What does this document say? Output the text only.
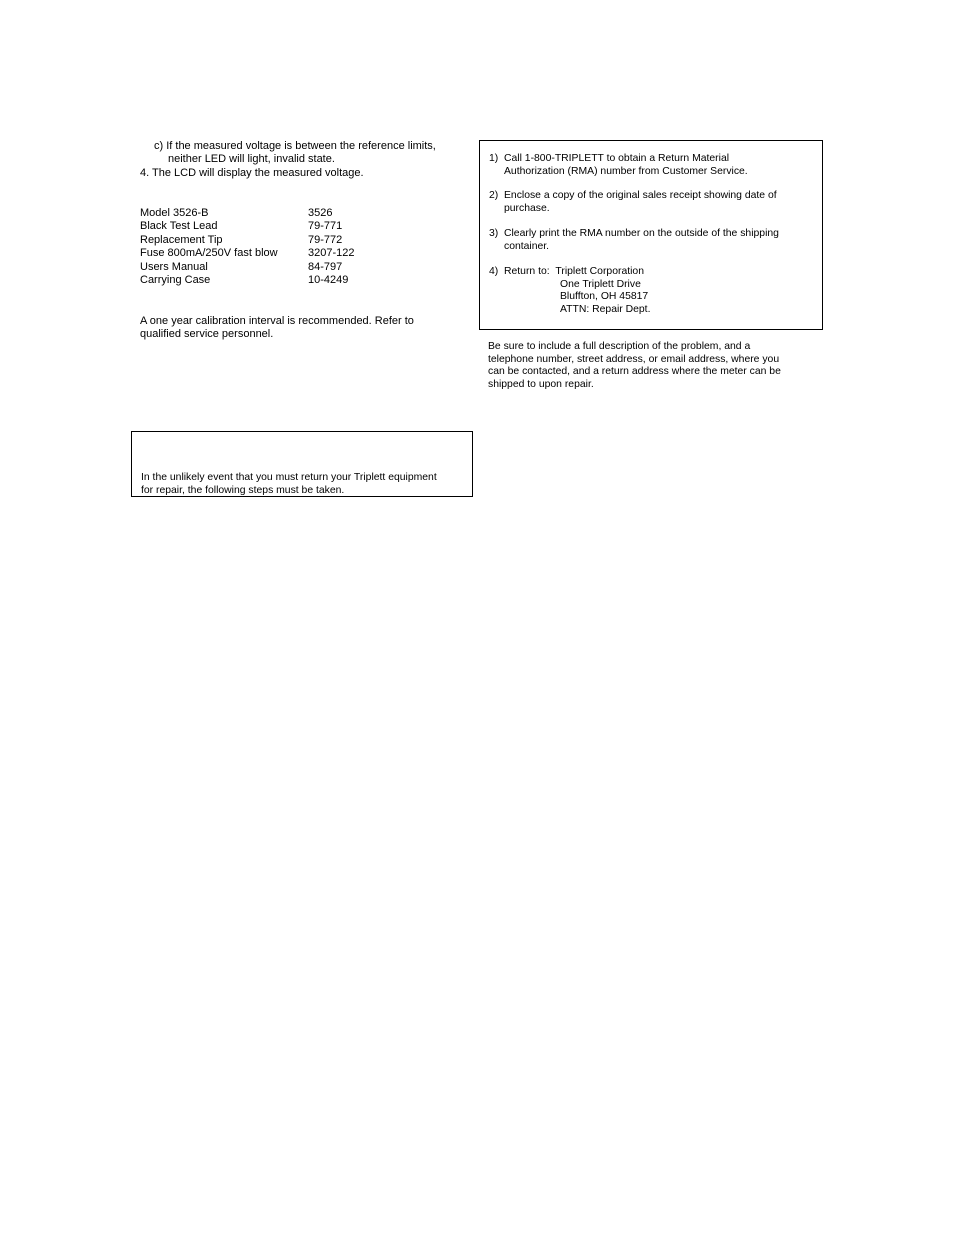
c) If the measured voltage is between the reference limits,
neither LED will light, invalid state.
4. The LCD will display the measured voltage.
Model 3526-B	3526
Black Test Lead	79-771
Replacement Tip	79-772
Fuse 800mA/250V fast blow	3207-122
Users Manual	84-797
Carrying Case	10-4249
A one year calibration interval is recommended. Refer to
qualified service personnel.

In the unlikely event that you must return your Triplett equipment
for repair, the following steps must be taken.

1) Call 1-800-TRIPLETT to obtain a Return Material
Authorization (RMA) number from Customer Service.
2) Enclose a copy of the original sales receipt showing date of
purchase.
3) Clearly print the RMA number on the outside of the shipping
container.
4) Return to: Triplett Corporation
One Triplett Drive
Bluffton, OH 45817
ATTN: Repair Dept.
Be sure to include a full description of the problem, and a
telephone number, street address, or email address, where you
can be contacted, and a return address where the meter can be
shipped to upon repair.
